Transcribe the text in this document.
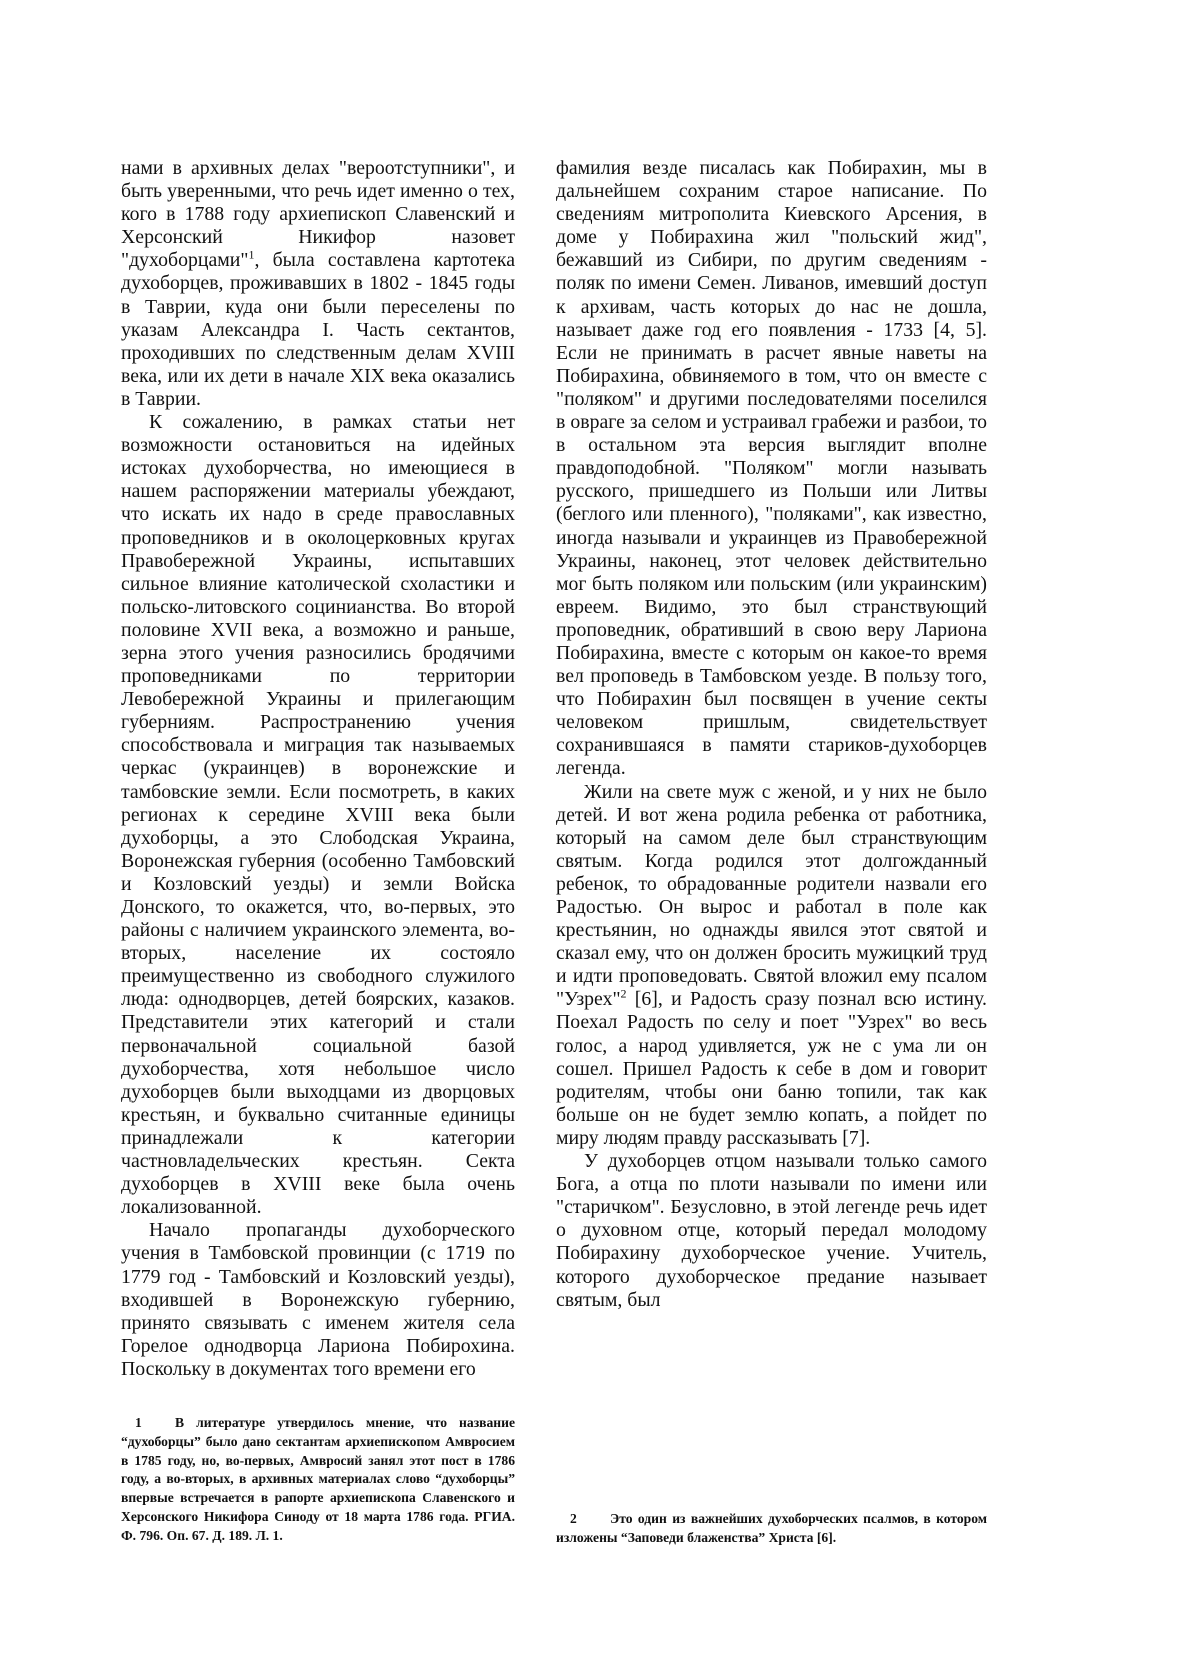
нами в архивных делах "вероотступники", и быть уверенными, что речь идет именно о тех, кого в 1788 году архиепископ Славенский и Херсонский Никифор назовет "духоборцами"$^1$, была составлена картотека духоборцев, проживавших в 1802 - 1845 годы в Таврии, куда они были переселены по указам Александра I. Часть сектантов, проходивших по следственным делам XVIII века, или их дети в начале XIX века оказались в Таврии.

К сожалению, в рамках статьи нет возможности остановиться на идейных истоках духоборчества, но имеющиеся в нашем распоряжении материалы убеждают, что искать их надо в среде православных проповедников и в околоцерковных кругах Правобережной Украины, испытавших сильное влияние католической схоластики и польско-литовского социнианства. Во второй половине XVII века, а возможно и раньше, зерна этого учения разносились бродячими проповедниками по территории Левобережной Украины и прилегающим губерниям. Распространению учения способствовала и миграция так называемых черкас (украинцев) в воронежские и тамбовские земли. Если посмотреть, в каких регионах к середине XVIII века были духоборцы, а это Слободская Украина, Воронежская губерния (особенно Тамбовский и Козловский уезды) и земли Войска Донского, то окажется, что, во-первых, это районы с наличием украинского элемента, во-вторых, население их состояло преимущественно из свободного служилого люда: однодворцев, детей боярских, казаков. Представители этих категорий и стали первоначальной социальной базой духоборчества, хотя небольшое число духоборцев были выходцами из дворцовых крестьян, и буквально считанные единицы принадлежали к категории частновладельческих крестьян. Секта духоборцев в XVIII веке была очень локализованной.

Начало пропаганды духоборческого учения в Тамбовской провинции (с 1719 по 1779 год - Тамбовский и Козловский уезды), входившей в Воронежскую губернию, принято связывать с именем жителя села Горелое однодворца Лариона Побирохина. Поскольку в документах того времени его

фамилия везде писалась как Побирахин, мы в дальнейшем сохраним старое написание. По сведениям митрополита Киевского Арсения, в доме у Побирахина жил "польский жид", бежавший из Сибири, по другим сведениям - поляк по имени Семен. Ливанов, имевший доступ к архивам, часть которых до нас не дошла, называет даже год его появления - 1733 [4, 5]. Если не принимать в расчет явные наветы на Побирахина, обвиняемого в том, что он вместе с "поляком" и другими последователями поселился в овраге за селом и устраивал грабежи и разбои, то в остальном эта версия выглядит вполне правдоподобной. "Поляком" могли называть русского, пришедшего из Польши или Литвы (беглого или пленного), "поляками", как известно, иногда называли и украинцев из Правобережной Украины, наконец, этот человек действительно мог быть поляком или польским (или украинским) евреем. Видимо, это был странствующий проповедник, обративший в свою веру Лариона Побирахина, вместе с которым он какое-то время вел проповедь в Тамбовском уезде. В пользу того, что Побирахин был посвящен в учение секты человеком пришлым, свидетельствует сохранившаяся в памяти стариков-духоборцев легенда.

Жили на свете муж с женой, и у них не было детей. И вот жена родила ребенка от работника, который на самом деле был странствующим святым. Когда родился этот долгожданный ребенок, то обрадованные родители назвали его Радостью. Он вырос и работал в поле как крестьянин, но однажды явился этот святой и сказал ему, что он должен бросить мужицкий труд и идти проповедовать. Святой вложил ему псалом "Узрех"$^2$ [6], и Радость сразу познал всю истину. Поехал Радость по селу и поет "Узрех" во весь голос, а народ удивляется, уж не с ума ли он сошел. Пришел Радость к себе в дом и говорит родителям, чтобы они баню топили, так как больше он не будет землю копать, а пойдет по миру людям правду рассказывать [7].

У духоборцев отцом называли только самого Бога, а отца по плоти называли по имени или "старичком". Безусловно, в этой легенде речь идет о духовном отце, который передал молодому Побирахину духоборческое учение. Учитель, которого духоборческое предание называет святым, был

1 В литературе утвердилось мнение, что название “духоборцы” было дано сектантам архиепископом Амвросием в 1785 году, но, во-первых, Амвросий занял этот пост в 1786 году, а во-вторых, в архивных материалах слово “духоборцы” впервые встречается в рапорте архиепископа Славенского и Херсонского Никифора Синоду от 18 марта 1786 года. РГИА. Ф. 796. Оп. 67. Д. 189. Л. 1.

2 Это один из важнейших духоборческих псалмов, в котором изложены “Заповеди блаженства” Христа [6].
